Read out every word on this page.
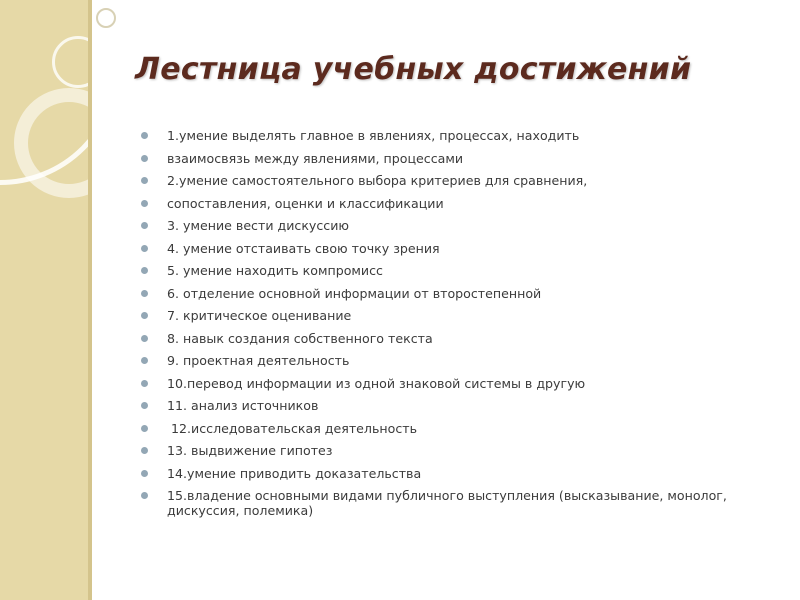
Лестница учебных достижений
1.умение выделять главное в явлениях, процессах, находить
взаимосвязь между явлениями, процессами
2.умение самостоятельного выбора критериев для сравнения,
сопоставления, оценки и классификации
3. умение вести дискуссию
4. умение отстаивать свою точку зрения
5. умение находить компромисс
6. отделение основной информации от второстепенной
7. критическое оценивание
8. навык создания собственного текста
9. проектная деятельность
10.перевод информации из одной знаковой системы в другую
11. анализ источников
12.исследовательская деятельность
13. выдвижение гипотез
14.умение приводить доказательства
15.владение основными видами публичного выступления (высказывание, монолог, дискуссия, полемика)
